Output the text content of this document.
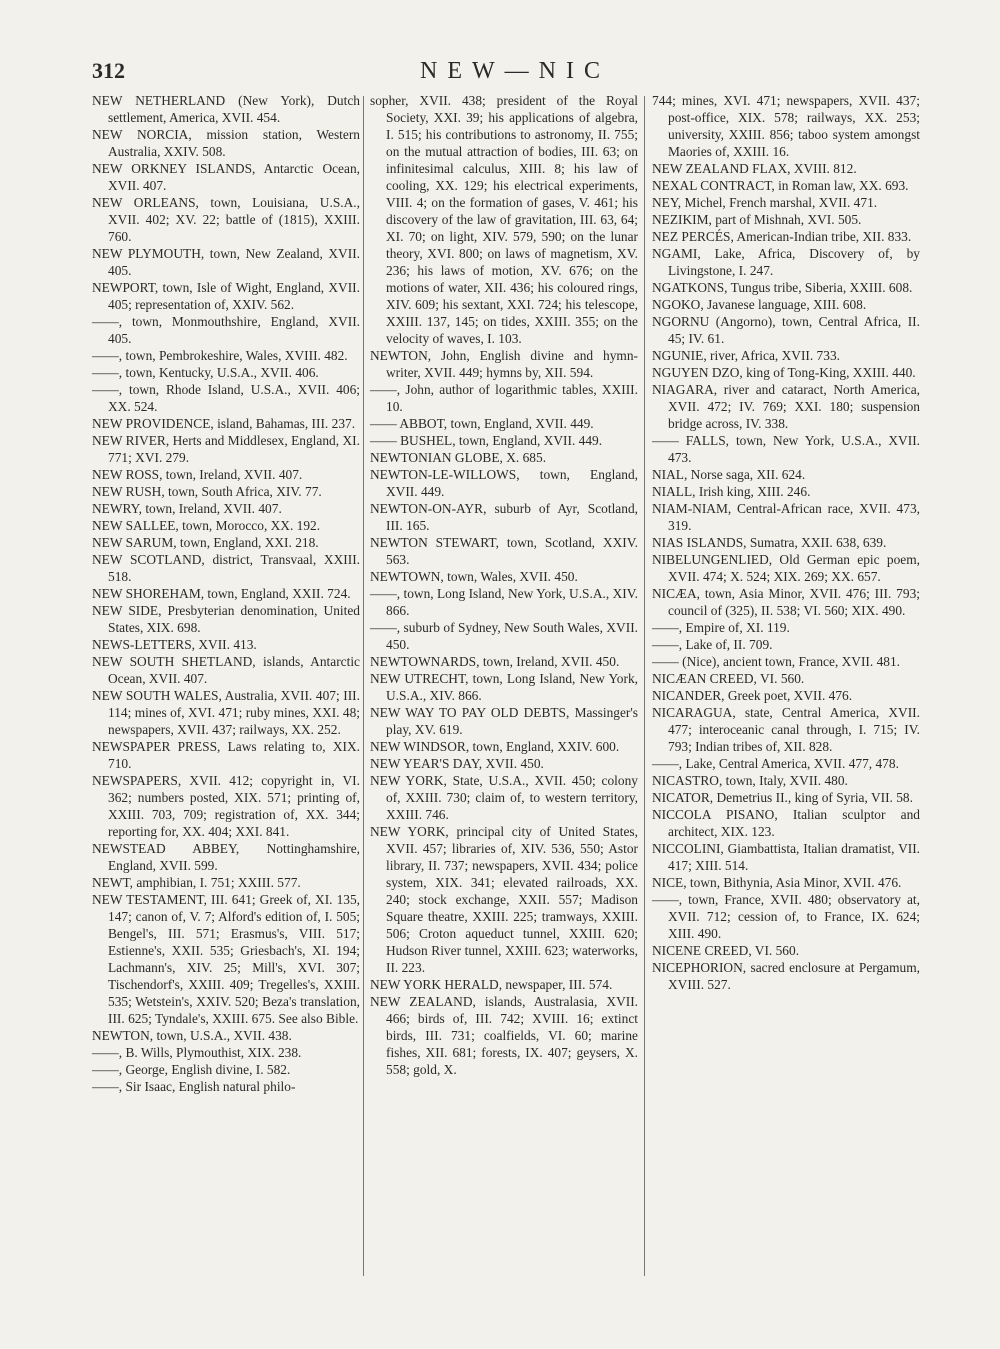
312	NEW—NIC

NEW NETHERLAND (New York), Dutch settlement, America, XVII. 454.

NEW NORCIA, mission station, Western Australia, XXIV. 508.

NEW ORKNEY ISLANDS, Antarctic Ocean, XVII. 407.

NEW ORLEANS, town, Louisiana, U.S.A., XVII. 402; XV. 22; battle of (1815), XXIII. 760.

NEW PLYMOUTH, town, New Zealand, XVII. 405.

NEWPORT, town, Isle of Wight, England, XVII. 405; representation of, XXIV. 562.

——, town, Monmouthshire, England, XVII. 405.

——, town, Pembrokeshire, Wales, XVIII. 482.

——, town, Kentucky, U.S.A., XVII. 406.

——, town, Rhode Island, U.S.A., XVII. 406; XX. 524.

NEW PROVIDENCE, island, Bahamas, III. 237.

NEW RIVER, Herts and Middlesex, England, XI. 771; XVI. 279.

NEW ROSS, town, Ireland, XVII. 407.

NEW RUSH, town, South Africa, XIV. 77.

NEWRY, town, Ireland, XVII. 407.

NEW SALLEE, town, Morocco, XX. 192.

NEW SARUM, town, England, XXI. 218.

NEW SCOTLAND, district, Transvaal, XXIII. 518.

NEW SHOREHAM, town, England, XXII. 724.

NEW SIDE, Presbyterian denomination, United States, XIX. 698.

NEWS-LETTERS, XVII. 413.

NEW SOUTH SHETLAND, islands, Antarctic Ocean, XVII. 407.

NEW SOUTH WALES, Australia, XVII. 407; III. 114; mines of, XVI. 471; ruby mines, XXI. 48; newspapers, XVII. 437; railways, XX. 252.

NEWSPAPER PRESS, Laws relating to, XIX. 710.

NEWSPAPERS, XVII. 412; copyright in, VI. 362; numbers posted, XIX. 571; printing of, XXIII. 703, 709; registration of, XX. 344; reporting for, XX. 404; XXI. 841.

NEWSTEAD ABBEY, Nottinghamshire, England, XVII. 599.

NEWT, amphibian, I. 751; XXIII. 577.

NEW TESTAMENT, III. 641; Greek of, XI. 135, 147; canon of, V. 7; Alford's edition of, I. 505; Bengel's, III. 571; Erasmus's, VIII. 517; Estienne's, XXII. 535; Griesbach's, XI. 194; Lachmann's, XIV. 25; Mill's, XVI. 307; Tischendorf's, XXIII. 409; Tregelles's, XXIII. 535; Wetstein's, XXIV. 520; Beza's translation, III. 625; Tyndale's, XXIII. 675. See also Bible.

NEWTON, town, U.S.A., XVII. 438.

——, B. Wills, Plymouthist, XIX. 238.

——, George, English divine, I. 582.

——, Sir Isaac, English natural philo-

sopher, XVII. 438; president of the Royal Society, XXI. 39; his applications of algebra, I. 515; his contributions to astronomy, II. 755; on the mutual attraction of bodies, III. 63; on infinitesimal calculus, XIII. 8; his law of cooling, XX. 129; his electrical experiments, VIII. 4; on the formation of gases, V. 461; his discovery of the law of gravitation, III. 63, 64; XI. 70; on light, XIV. 579, 590; on the lunar theory, XVI. 800; on laws of magnetism, XV. 236; his laws of motion, XV. 676; on the motions of water, XII. 436; his coloured rings, XIV. 609; his sextant, XXI. 724; his telescope, XXIII. 137, 145; on tides, XXIII. 355; on the velocity of waves, I. 103.

NEWTON, John, English divine and hymn-writer, XVII. 449; hymns by, XII. 594.

——, John, author of logarithmic tables, XXIII. 10.

—— ABBOT, town, England, XVII. 449.

—— BUSHEL, town, England, XVII. 449.

NEWTONIAN GLOBE, X. 685.

NEWTON-LE-WILLOWS, town, England, XVII. 449.

NEWTON-ON-AYR, suburb of Ayr, Scotland, III. 165.

NEWTON STEWART, town, Scotland, XXIV. 563.

NEWTOWN, town, Wales, XVII. 450.

——, town, Long Island, New York, U.S.A., XIV. 866.

——, suburb of Sydney, New South Wales, XVII. 450.

NEWTOWNARDS, town, Ireland, XVII. 450.

NEW UTRECHT, town, Long Island, New York, U.S.A., XIV. 866.

NEW WAY TO PAY OLD DEBTS, Massinger's play, XV. 619.

NEW WINDSOR, town, England, XXIV. 600.

NEW YEAR'S DAY, XVII. 450.

NEW YORK, State, U.S.A., XVII. 450; colony of, XXIII. 730; claim of, to western territory, XXIII. 746.

NEW YORK, principal city of United States, XVII. 457; libraries of, XIV. 536, 550; Astor library, II. 737; newspapers, XVII. 434; police system, XIX. 341; elevated railroads, XX. 240; stock exchange, XXII. 557; Madison Square theatre, XXIII. 225; tramways, XXIII. 506; Croton aqueduct tunnel, XXIII. 620; Hudson River tunnel, XXIII. 623; waterworks, II. 223.

NEW YORK HERALD, newspaper, III. 574.

NEW ZEALAND, islands, Australasia, XVII. 466; birds of, III. 742; XVIII. 16; extinct birds, III. 731; coalfields, VI. 60; marine fishes, XII. 681; forests, IX. 407; geysers, X. 558; gold, X.

744; mines, XVI. 471; newspapers, XVII. 437; post-office, XIX. 578; railways, XX. 253; university, XXIII. 856; taboo system amongst Maories of, XXIII. 16.

NEW ZEALAND FLAX, XVIII. 812.

NEXAL CONTRACT, in Roman law, XX. 693.

NEY, Michel, French marshal, XVII. 471.

NEZIKIM, part of Mishnah, XVI. 505.

NEZ PERCÉS, American-Indian tribe, XII. 833.

NGAMI, Lake, Africa, Discovery of, by Livingstone, I. 247.

NGATKONS, Tungus tribe, Siberia, XXIII. 608.

NGOKO, Javanese language, XIII. 608.

NGORNU (Angorno), town, Central Africa, II. 45; IV. 61.

NGUNIE, river, Africa, XVII. 733.

NGUYEN DZO, king of Tong-King, XXIII. 440.

NIAGARA, river and cataract, North America, XVII. 472; IV. 769; XXI. 180; suspension bridge across, IV. 338.

—— FALLS, town, New York, U.S.A., XVII. 473.

NIAL, Norse saga, XII. 624.

NIALL, Irish king, XIII. 246.

NIAM-NIAM, Central-African race, XVII. 473, 319.

NIAS ISLANDS, Sumatra, XXII. 638, 639.

NIBELUNGENLIED, Old German epic poem, XVII. 474; X. 524; XIX. 269; XX. 657.

NICÆA, town, Asia Minor, XVII. 476; III. 793; council of (325), II. 538; VI. 560; XIX. 490.

——, Empire of, XI. 119.

——, Lake of, II. 709.

—— (Nice), ancient town, France, XVII. 481.

NICÆAN CREED, VI. 560.

NICANDER, Greek poet, XVII. 476.

NICARAGUA, state, Central America, XVII. 477; interoceanic canal through, I. 715; IV. 793; Indian tribes of, XII. 828.

——, Lake, Central America, XVII. 477, 478.

NICASTRO, town, Italy, XVII. 480.

NICATOR, Demetrius II., king of Syria, VII. 58.

NICCOLA PISANO, Italian sculptor and architect, XIX. 123.

NICCOLINI, Giambattista, Italian dramatist, VII. 417; XIII. 514.

NICE, town, Bithynia, Asia Minor, XVII. 476.

——, town, France, XVII. 480; observatory at, XVII. 712; cession of, to France, IX. 624; XIII. 490.

NICENE CREED, VI. 560.

NICEPHORION, sacred enclosure at Pergamum, XVIII. 527.
